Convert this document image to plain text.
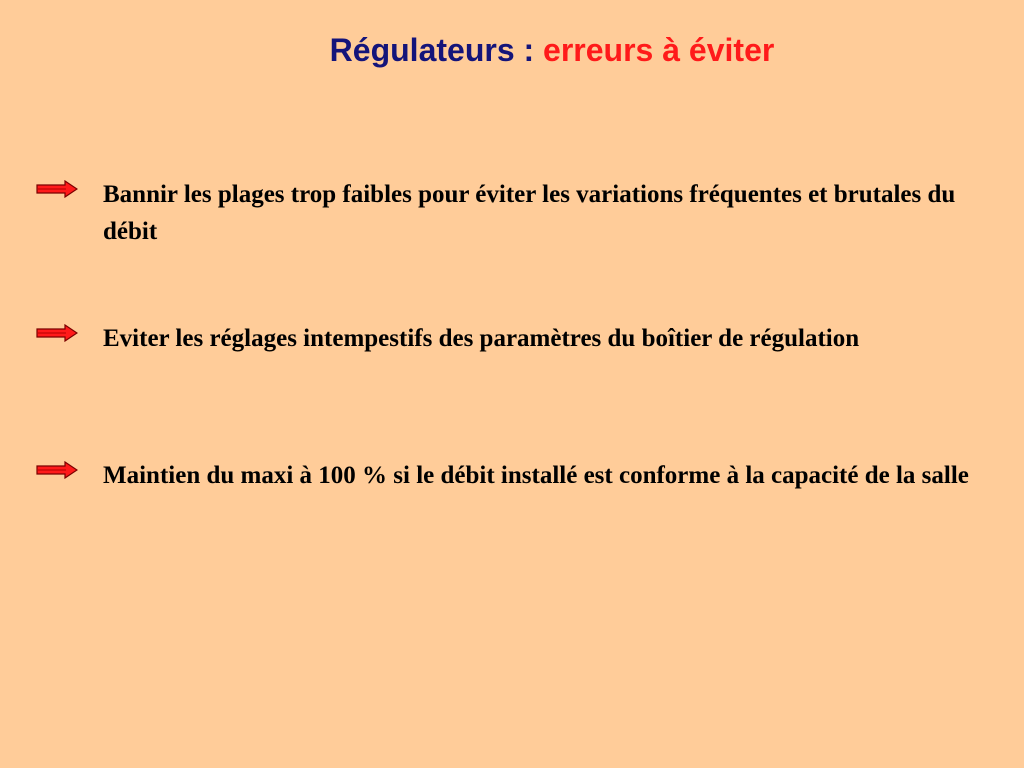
Régulateurs : erreurs à éviter
Bannir les plages trop faibles pour éviter les variations fréquentes et brutales du débit
Eviter les réglages intempestifs des paramètres du boîtier de régulation
Maintien du maxi à 100 % si le débit installé est conforme à la capacité de la salle
